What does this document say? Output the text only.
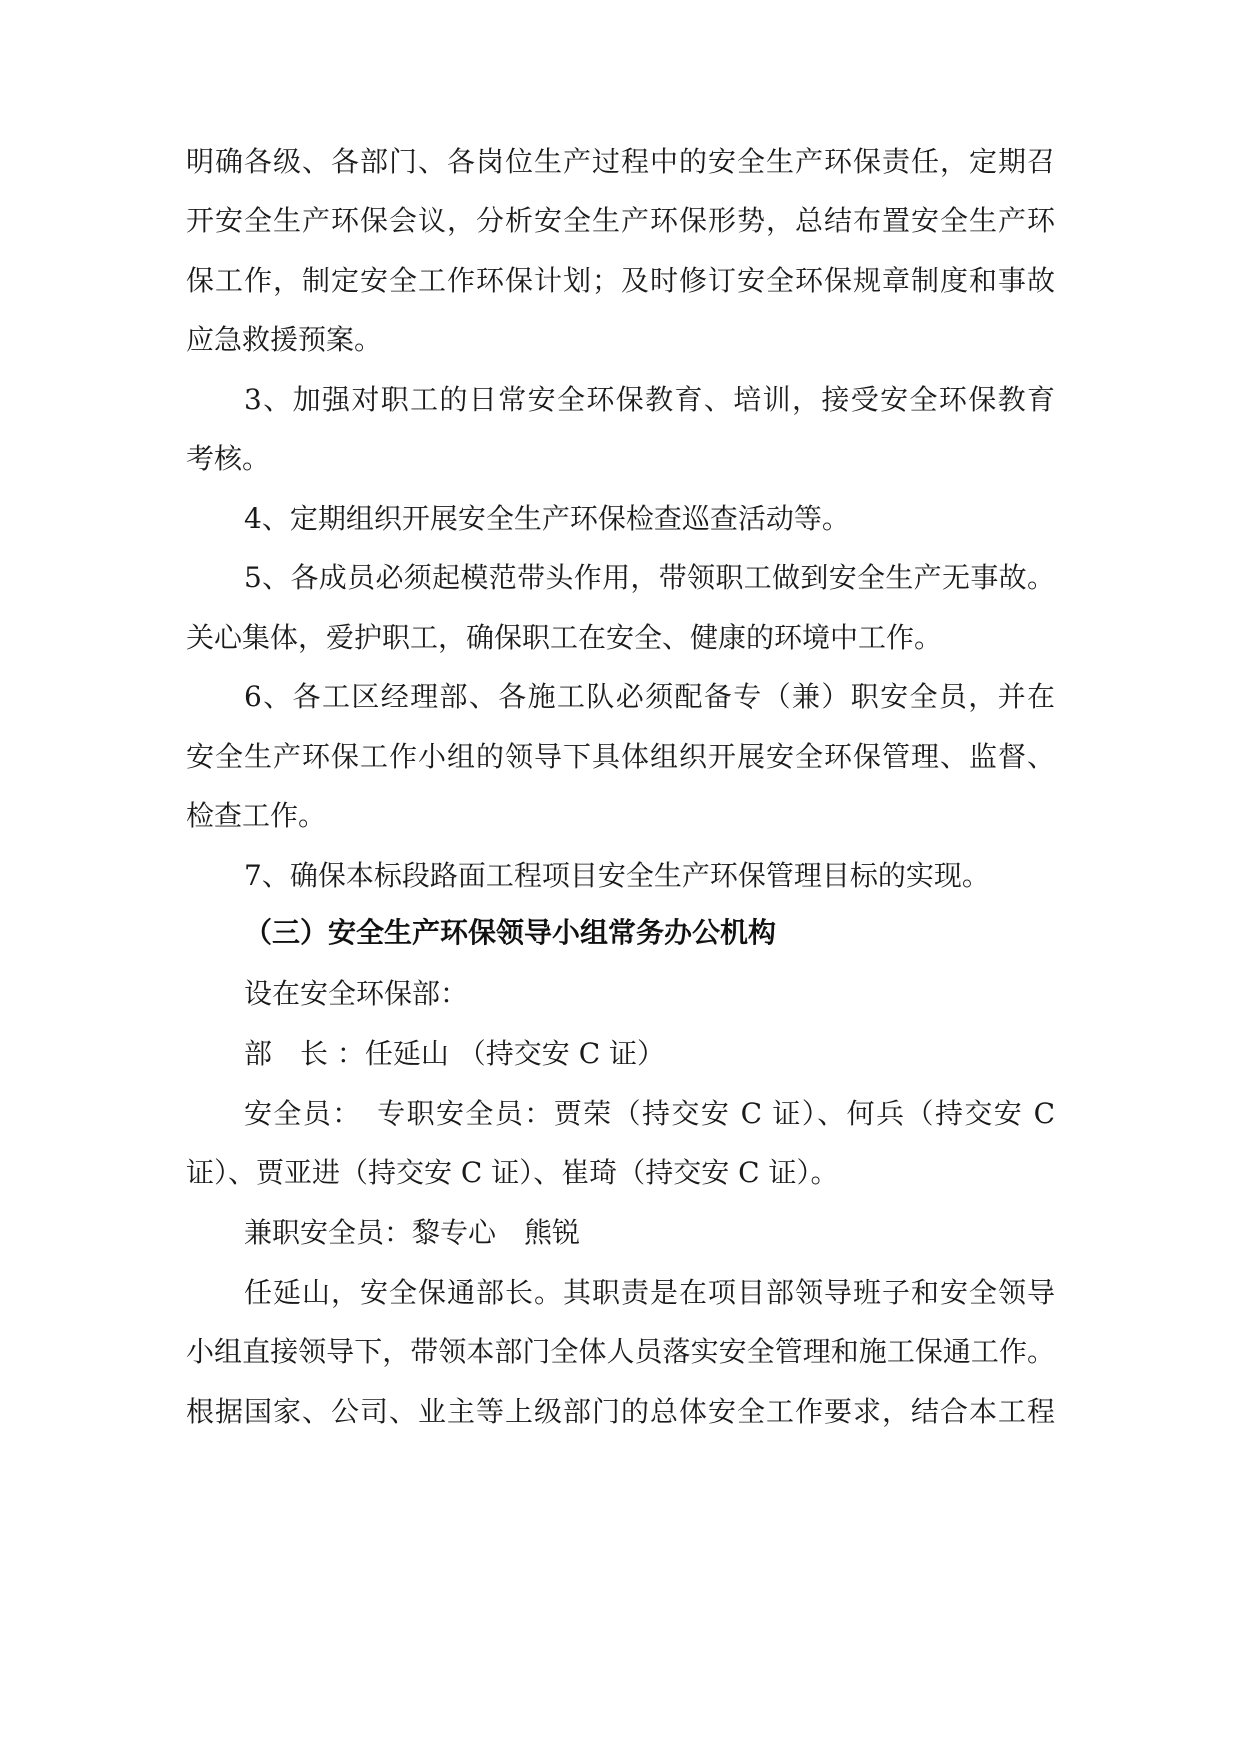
明确各级、各部门、各岗位生产过程中的安全生产环保责任，定期召
开安全生产环保会议，分析安全生产环保形势，总结布置安全生产环
保工作，制定安全工作环保计划；及时修订安全环保规章制度和事故
应急救援预案。
3、加强对职工的日常安全环保教育、培训，接受安全环保教育
考核。
4、定期组织开展安全生产环保检查巡查活动等。
5、各成员必须起模范带头作用，带领职工做到安全生产无事故。
关心集体，爱护职工，确保职工在安全、健康的环境中工作。
6、各工区经理部、各施工队必须配备专（兼）职安全员，并在
安全生产环保工作小组的领导下具体组织开展安全环保管理、监督、
检查工作。
7、确保本标段路面工程项目安全生产环保管理目标的实现。
（三）安全生产环保领导小组常务办公机构
设在安全环保部：
部　长 ：任延山 （持交安 C 证）
安全员：　专职安全员：贾荣（持交安 C 证）、何兵（持交安 C
证）、贾亚进（持交安 C 证）、崔琦（持交安 C 证）。
兼职安全员：黎专心　熊锐
任延山，安全保通部长。其职责是在项目部领导班子和安全领导
小组直接领导下，带领本部门全体人员落实安全管理和施工保通工作。
根据国家、公司、业主等上级部门的总体安全工作要求，结合本工程
